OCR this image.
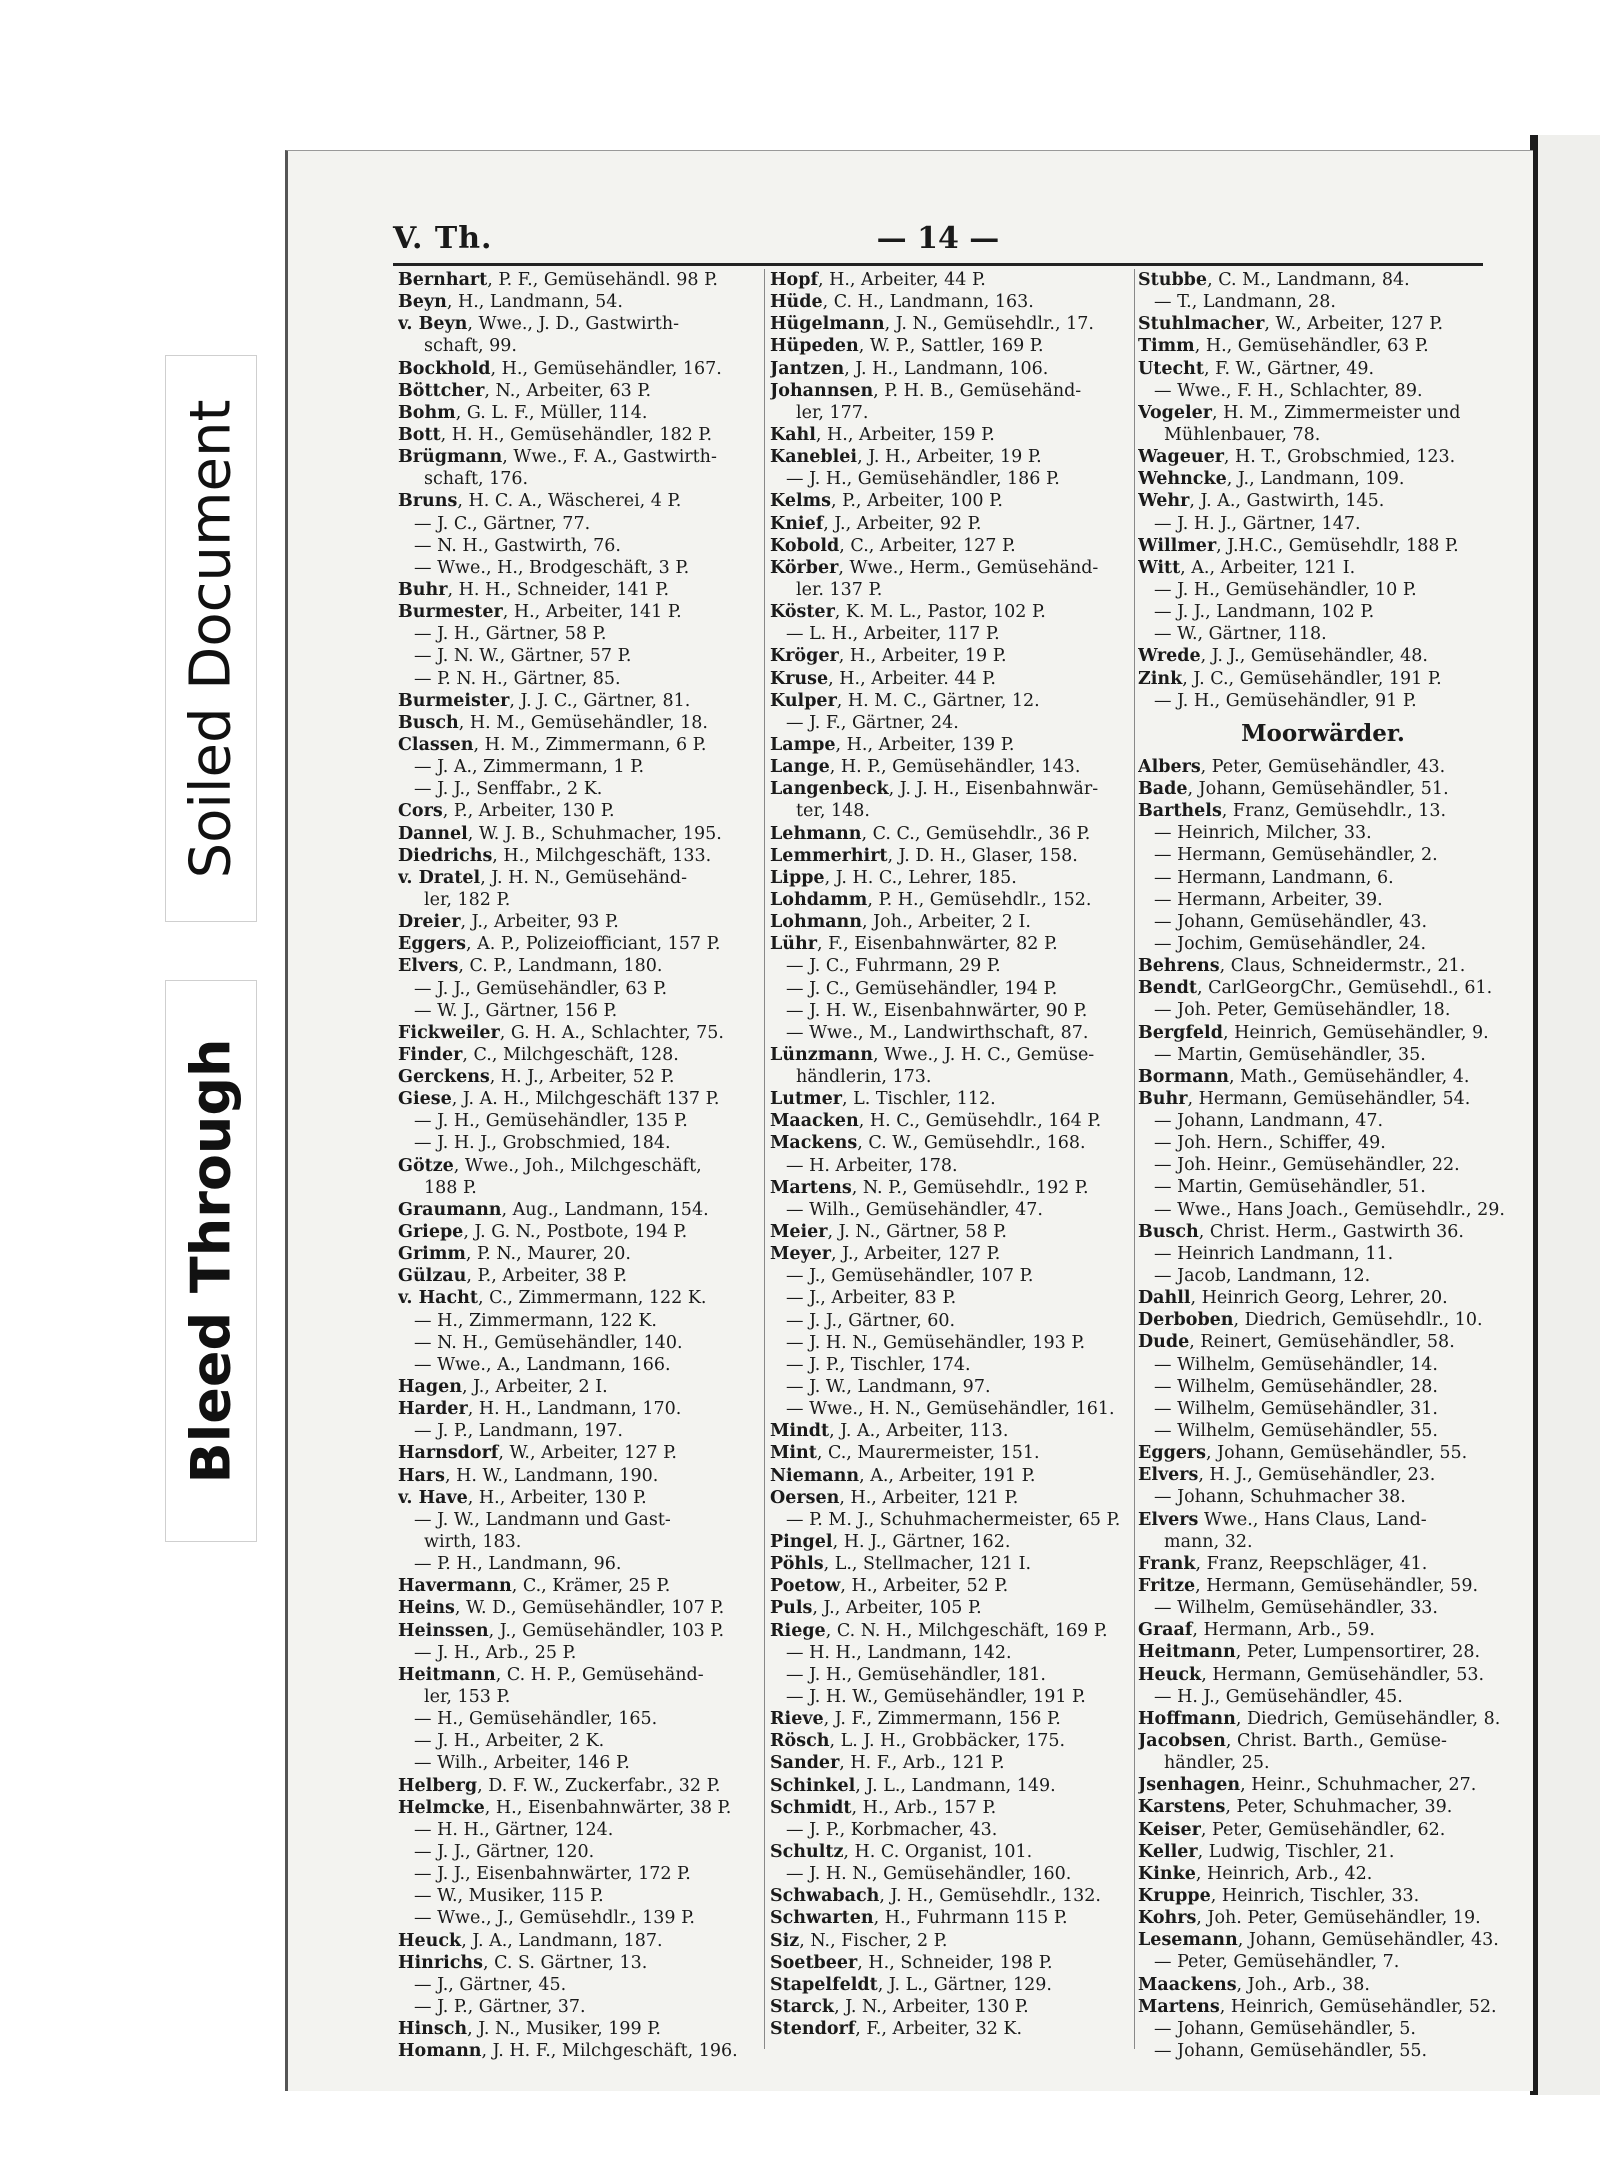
Soiled Document
Bleed Through
V. Th.	— 14 —
Bernhart, P. F., Gemüsehändl. 98 P.
Beyn, H., Landmann, 54.
v. Beyn, Wwe., J. D., Gastwirth-
schaft, 99.
Bockhold, H., Gemüsehändler, 167.
Böttcher, N., Arbeiter, 63 P.
Bohm, G. L. F., Müller, 114.
Bott, H. H., Gemüsehändler, 182 P.
Brügmann, Wwe., F. A., Gastwirth-
schaft, 176.
Bruns, H. C. A., Wäscherei, 4 P.
— J. C., Gärtner, 77.
— N. H., Gastwirth, 76.
— Wwe., H., Brodgeschäft, 3 P.
Buhr, H. H., Schneider, 141 P.
Burmester, H., Arbeiter, 141 P.
— J. H., Gärtner, 58 P.
— J. N. W., Gärtner, 57 P.
— P. N. H., Gärtner, 85.
Burmeister, J. J. C., Gärtner, 81.
Busch, H. M., Gemüsehändler, 18.
Classen, H. M., Zimmermann, 6 P.
— J. A., Zimmermann, 1 P.
— J. J., Senffabr., 2 K.
Cors, P., Arbeiter, 130 P.
Dannel, W. J. B., Schuhmacher, 195.
Diedrichs, H., Milchgeschäft, 133.
v. Dratel, J. H. N., Gemüsehänd-
ler, 182 P.
Dreier, J., Arbeiter, 93 P.
Eggers, A. P., Polizeiofficiant, 157 P.
Elvers, C. P., Landmann, 180.
— J. J., Gemüsehändler, 63 P.
— W. J., Gärtner, 156 P.
Fickweiler, G. H. A., Schlachter, 75.
Finder, C., Milchgeschäft, 128.
Gerckens, H. J., Arbeiter, 52 P.
Giese, J. A. H., Milchgeschäft 137 P.
— J. H., Gemüsehändler, 135 P.
— J. H. J., Grobschmied, 184.
Götze, Wwe., Joh., Milchgeschäft,
188 P.
Graumann, Aug., Landmann, 154.
Griepe, J. G. N., Postbote, 194 P.
Grimm, P. N., Maurer, 20.
Gülzau, P., Arbeiter, 38 P.
v. Hacht, C., Zimmermann, 122 K.
— H., Zimmermann, 122 K.
— N. H., Gemüsehändler, 140.
— Wwe., A., Landmann, 166.
Hagen, J., Arbeiter, 2 I.
Harder, H. H., Landmann, 170.
— J. P., Landmann, 197.
Harnsdorf, W., Arbeiter, 127 P.
Hars, H. W., Landmann, 190.
v. Have, H., Arbeiter, 130 P.
— J. W., Landmann und Gast-
wirth, 183.
— P. H., Landmann, 96.
Havermann, C., Krämer, 25 P.
Heins, W. D., Gemüsehändler, 107 P.
Heinssen, J., Gemüsehändler, 103 P.
— J. H., Arb., 25 P.
Heitmann, C. H. P., Gemüsehänd-
ler, 153 P.
— H., Gemüsehändler, 165.
— J. H., Arbeiter, 2 K.
— Wilh., Arbeiter, 146 P.
Helberg, D. F. W., Zuckerfabr., 32 P.
Helmcke, H., Eisenbahnwärter, 38 P.
— H. H., Gärtner, 124.
— J. J., Gärtner, 120.
— J. J., Eisenbahnwärter, 172 P.
— W., Musiker, 115 P.
— Wwe., J., Gemüsehdlr., 139 P.
Heuck, J. A., Landmann, 187.
Hinrichs, C. S. Gärtner, 13.
— J., Gärtner, 45.
— J. P., Gärtner, 37.
Hinsch, J. N., Musiker, 199 P.
Homann, J. H. F., Milchgeschäft, 196.
Hopf, H., Arbeiter, 44 P.
Hüde, C. H., Landmann, 163.
Hügelmann, J. N., Gemüsehdlr., 17.
Hüpeden, W. P., Sattler, 169 P.
Jantzen, J. H., Landmann, 106.
Johannsen, P. H. B., Gemüsehänd-
ler, 177.
Kahl, H., Arbeiter, 159 P.
Kaneblei, J. H., Arbeiter, 19 P.
— J. H., Gemüsehändler, 186 P.
Kelms, P., Arbeiter, 100 P.
Knief, J., Arbeiter, 92 P.
Kobold, C., Arbeiter, 127 P.
Körber, Wwe., Herm., Gemüsehänd-
ler. 137 P.
Köster, K. M. L., Pastor, 102 P.
— L. H., Arbeiter, 117 P.
Kröger, H., Arbeiter, 19 P.
Kruse, H., Arbeiter. 44 P.
Kulper, H. M. C., Gärtner, 12.
— J. F., Gärtner, 24.
Lampe, H., Arbeiter, 139 P.
Lange, H. P., Gemüsehändler, 143.
Langenbeck, J. J. H., Eisenbahnwär-
ter, 148.
Lehmann, C. C., Gemüsehdlr., 36 P.
Lemmerhirt, J. D. H., Glaser, 158.
Lippe, J. H. C., Lehrer, 185.
Lohdamm, P. H., Gemüsehdlr., 152.
Lohmann, Joh., Arbeiter, 2 I.
Lühr, F., Eisenbahnwärter, 82 P.
— J. C., Fuhrmann, 29 P.
— J. C., Gemüsehändler, 194 P.
— J. H. W., Eisenbahnwärter, 90 P.
— Wwe., M., Landwirthschaft, 87.
Lünzmann, Wwe., J. H. C., Gemüse-
händlerin, 173.
Lutmer, L. Tischler, 112.
Maacken, H. C., Gemüsehdlr., 164 P.
Mackens, C. W., Gemüsehdlr., 168.
— H. Arbeiter, 178.
Martens, N. P., Gemüsehdlr., 192 P.
— Wilh., Gemüsehändler, 47.
Meier, J. N., Gärtner, 58 P.
Meyer, J., Arbeiter, 127 P.
— J., Gemüsehändler, 107 P.
— J., Arbeiter, 83 P.
— J. J., Gärtner, 60.
— J. H. N., Gemüsehändler, 193 P.
— J. P., Tischler, 174.
— J. W., Landmann, 97.
— Wwe., H. N., Gemüsehändler, 161.
Mindt, J. A., Arbeiter, 113.
Mint, C., Maurermeister, 151.
Niemann, A., Arbeiter, 191 P.
Oersen, H., Arbeiter, 121 P.
— P. M. J., Schuhmachermeister, 65 P.
Pingel, H. J., Gärtner, 162.
Pöhls, L., Stellmacher, 121 I.
Poetow, H., Arbeiter, 52 P.
Puls, J., Arbeiter, 105 P.
Riege, C. N. H., Milchgeschäft, 169 P.
— H. H., Landmann, 142.
— J. H., Gemüsehändler, 181.
— J. H. W., Gemüsehändler, 191 P.
Rieve, J. F., Zimmermann, 156 P.
Rösch, L. J. H., Grobbäcker, 175.
Sander, H. F., Arb., 121 P.
Schinkel, J. L., Landmann, 149.
Schmidt, H., Arb., 157 P.
— J. P., Korbmacher, 43.
Schultz, H. C. Organist, 101.
— J. H. N., Gemüsehändler, 160.
Schwabach, J. H., Gemüsehdlr., 132.
Schwarten, H., Fuhrmann 115 P.
Siz, N., Fischer, 2 P.
Soetbeer, H., Schneider, 198 P.
Stapelfeldt, J. L., Gärtner, 129.
Starck, J. N., Arbeiter, 130 P.
Stendorf, F., Arbeiter, 32 K.
Stubbe, C. M., Landmann, 84.
— T., Landmann, 28.
Stuhlmacher, W., Arbeiter, 127 P.
Timm, H., Gemüsehändler, 63 P.
Utecht, F. W., Gärtner, 49.
— Wwe., F. H., Schlachter, 89.
Vogeler, H. M., Zimmermeister und
Mühlenbauer, 78.
Wageuer, H. T., Grobschmied, 123.
Wehncke, J., Landmann, 109.
Wehr, J. A., Gastwirth, 145.
— J. H. J., Gärtner, 147.
Willmer, J.H.C., Gemüsehdlr, 188 P.
Witt, A., Arbeiter, 121 I.
— J. H., Gemüsehändler, 10 P.
— J. J., Landmann, 102 P.
— W., Gärtner, 118.
Wrede, J. J., Gemüsehändler, 48.
Zink, J. C., Gemüsehändler, 191 P.
— J. H., Gemüsehändler, 91 P.
Moorwärder.
Albers, Peter, Gemüsehändler, 43.
Bade, Johann, Gemüsehändler, 51.
Barthels, Franz, Gemüsehdlr., 13.
— Heinrich, Milcher, 33.
— Hermann, Gemüsehändler, 2.
— Hermann, Landmann, 6.
— Hermann, Arbeiter, 39.
— Johann, Gemüsehändler, 43.
— Jochim, Gemüsehändler, 24.
Behrens, Claus, Schneidermstr., 21.
Bendt, CarlGeorgChr., Gemüsehdl., 61.
— Joh. Peter, Gemüsehändler, 18.
Bergfeld, Heinrich, Gemüsehändler, 9.
— Martin, Gemüsehändler, 35.
Bormann, Math., Gemüsehändler, 4.
Buhr, Hermann, Gemüsehändler, 54.
— Johann, Landmann, 47.
— Joh. Hern., Schiffer, 49.
— Joh. Heinr., Gemüsehändler, 22.
— Martin, Gemüsehändler, 51.
— Wwe., Hans Joach., Gemüsehdlr., 29.
Busch, Christ. Herm., Gastwirth 36.
— Heinrich Landmann, 11.
— Jacob, Landmann, 12.
Dahll, Heinrich Georg, Lehrer, 20.
Derboben, Diedrich, Gemüsehdlr., 10.
Dude, Reinert, Gemüsehändler, 58.
— Wilhelm, Gemüsehändler, 14.
— Wilhelm, Gemüsehändler, 28.
— Wilhelm, Gemüsehändler, 31.
— Wilhelm, Gemüsehändler, 55.
Eggers, Johann, Gemüsehändler, 55.
Elvers, H. J., Gemüsehändler, 23.
— Johann, Schuhmacher 38.
Elvers Wwe., Hans Claus, Land-
mann, 32.
Frank, Franz, Reepschläger, 41.
Fritze, Hermann, Gemüsehändler, 59.
— Wilhelm, Gemüsehändler, 33.
Graaf, Hermann, Arb., 59.
Heitmann, Peter, Lumpensortirer, 28.
Heuck, Hermann, Gemüsehändler, 53.
— H. J., Gemüsehändler, 45.
Hoffmann, Diedrich, Gemüsehändler, 8.
Jacobsen, Christ. Barth., Gemüse-
händler, 25.
Jsenhagen, Heinr., Schuhmacher, 27.
Karstens, Peter, Schuhmacher, 39.
Keiser, Peter, Gemüsehändler, 62.
Keller, Ludwig, Tischler, 21.
Kinke, Heinrich, Arb., 42.
Kruppe, Heinrich, Tischler, 33.
Kohrs, Joh. Peter, Gemüsehändler, 19.
Lesemann, Johann, Gemüsehändler, 43.
— Peter, Gemüsehändler, 7.
Maackens, Joh., Arb., 38.
Martens, Heinrich, Gemüsehändler, 52.
— Johann, Gemüsehändler, 5.
— Johann, Gemüsehändler, 55.
